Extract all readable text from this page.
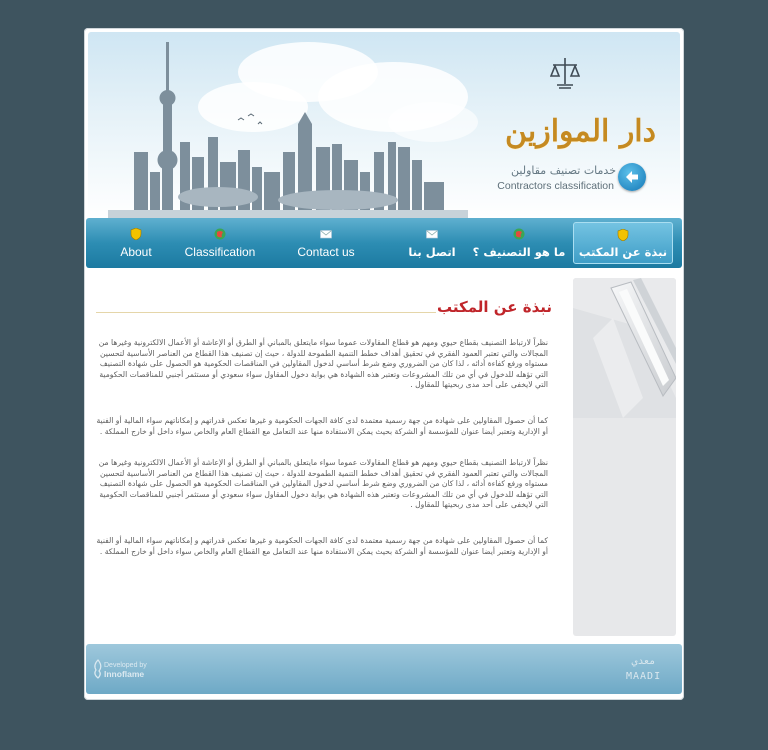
دار الموازين
خدمات تصنيف مقاولين
Contractors classification
نبذة عن المكتب
ما هو التصنيف ؟
اتصل بنا
Contact us
Classification
About
نبذة عن المكتب

نظراً لارتباط التصنيف بقطاع حيوي ومهم هو قطاع المقاولات عموما سواء مايتعلق بالمباني أو الطرق أو الإعاشة أو الأعمال الالكترونية وغيرها من المجالات والتي تعتبر العمود الفقري في تحقيق أهداف خطط التنمية الطموحة للدولة ، حيث إن تصنيف هذا القطاع من العناصر الأساسية لتحسين مستواه ورفع كفاءة أدائه ، لذا كان من الضروري وضع شرط أساسي لدخول المقاولين في المناقصات الحكومية هو الحصول على شهادة التصنيف التي تؤهله للدخول في أي من تلك المشروعات وتعتبر هذه الشهادة هي بوابة دخول المقاول سواء سعودي أو مستثمر أجنبي للمناقصات الحكومية التي لايخفى على أحد مدى ربحيتها للمقاول .

كما أن حصول المقاولين على شهادة من جهة رسمية معتمدة لدى كافة الجهات الحكومية و غيرها تعكس قدراتهم و إمكاناتهم سواء المالية أو الفنية أو الإدارية وتعتبر أيضا عنوان للمؤسسة أو الشركة بحيث يمكن الاستفادة منها عند التعامل مع القطاع العام والخاص سواء داخل أو خارج المملكة .

نظراً لارتباط التصنيف بقطاع حيوي ومهم هو قطاع المقاولات عموما سواء مايتعلق بالمباني أو الطرق أو الإعاشة أو الأعمال الالكترونية وغيرها من المجالات والتي تعتبر العمود الفقري في تحقيق أهداف خطط التنمية الطموحة للدولة ، حيث إن تصنيف هذا القطاع من العناصر الأساسية لتحسين مستواه ورفع كفاءة أدائه ، لذا كان من الضروري وضع شرط أساسي لدخول المقاولين في المناقصات الحكومية هو الحصول على شهادة التصنيف التي تؤهله للدخول في أي من تلك المشروعات وتعتبر هذه الشهادة هي بوابة دخول المقاول سواء سعودي أو مستثمر أجنبي للمناقصات الحكومية التي لايخفى على أحد مدى ربحيتها للمقاول .

كما أن حصول المقاولين على شهادة من جهة رسمية معتمدة لدى كافة الجهات الحكومية و غيرها تعكس قدراتهم و إمكاناتهم سواء المالية أو الفنية أو الإدارية وتعتبر أيضا عنوان للمؤسسة أو الشركة بحيث يمكن الاستفادة منها عند التعامل مع القطاع العام والخاص سواء داخل أو خارج المملكة .

Developed by
Innoflame
معدي
MAADI
